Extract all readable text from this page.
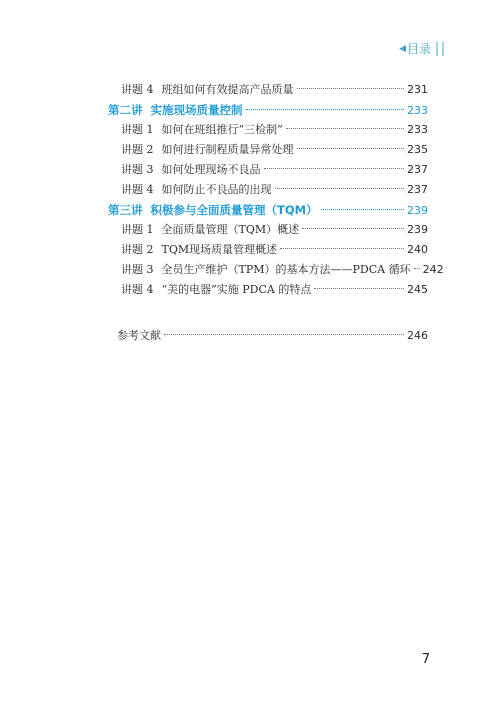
◀ 目录
讲题 4 班组如何有效提高产品质量	231
第二讲 实施现场质量控制	233
讲题 1 如何在班组推行“三检制”	233
讲题 2 如何进行制程质量异常处理	235
讲题 3 如何处理现场不良品	237
讲题 4 如何防止不良品的出现	237
第三讲 积极参与全面质量管理（TQM）	239
讲题 1 全面质量管理（TQM）概述	239
讲题 2 TQM现场质量管理概述	240
讲题 3 全员生产维护（TPM）的基本方法——PDCA 循环 242
讲题 4 “美的电器”实施 PDCA 的特点	245
参考文献	246
7
